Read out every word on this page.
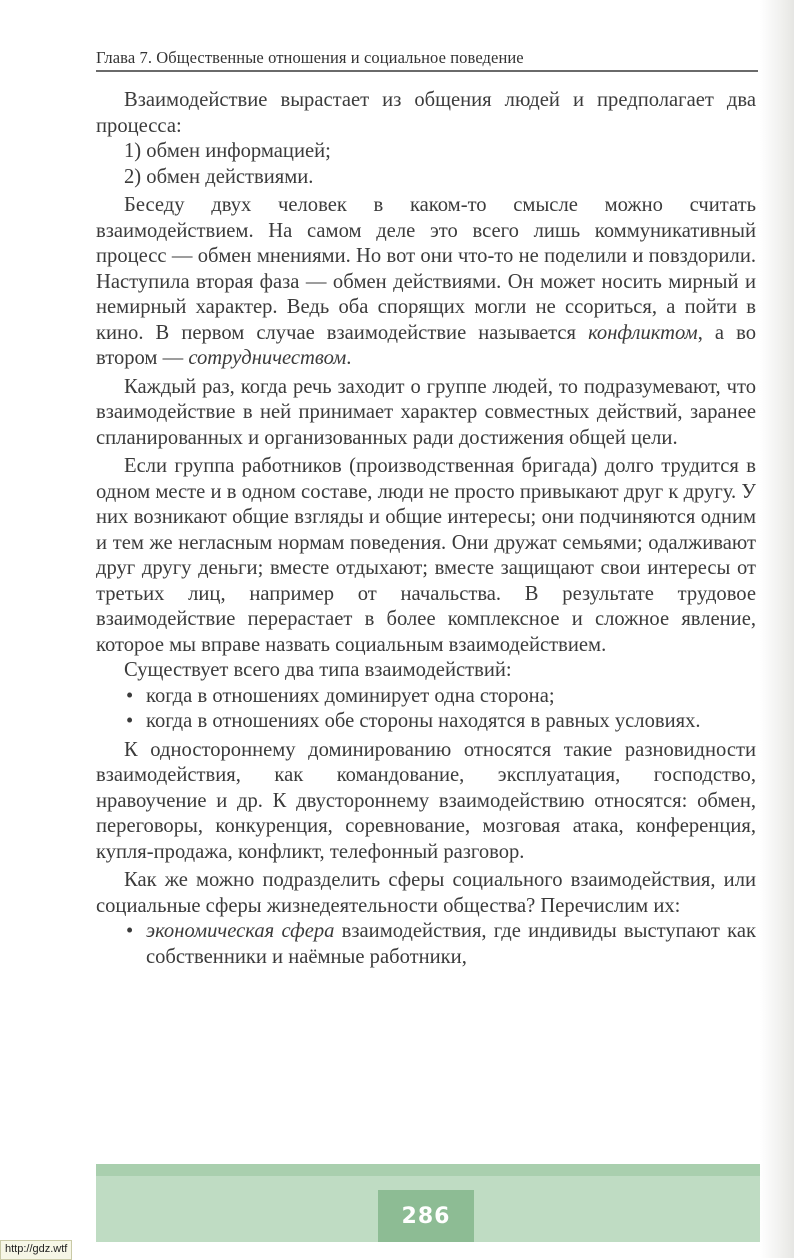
Глава 7. Общественные отношения и социальное поведение

Взаимодействие вырастает из общения людей и предполагает два процесса:

1) обмен информацией;

2) обмен действиями.

Беседу двух человек в каком-то смысле можно считать взаимодействием. На самом деле это всего лишь коммуникативный процесс — обмен мнениями. Но вот они что-то не поделили и повздорили. Наступила вторая фаза — обмен действиями. Он может носить мирный и немирный характер. Ведь оба спорящих могли не ссориться, а пойти в кино. В первом случае взаимодействие называется конфликтом, а во втором — сотрудничеством.

Каждый раз, когда речь заходит о группе людей, то подразумевают, что взаимодействие в ней принимает характер совместных действий, заранее спланированных и организованных ради достижения общей цели.

Если группа работников (производственная бригада) долго трудится в одном месте и в одном составе, люди не просто привыкают друг к другу. У них возникают общие взгляды и общие интересы; они подчиняются одним и тем же негласным нормам поведения. Они дружат семьями; одалживают друг другу деньги; вместе отдыхают; вместе защищают свои интересы от третьих лиц, например от начальства. В результате трудовое взаимодействие перерастает в более комплексное и сложное явление, которое мы вправе назвать социальным взаимодействием.

Существует всего два типа взаимодействий:

• когда в отношениях доминирует одна сторона;

• когда в отношениях обе стороны находятся в равных условиях.

К одностороннему доминированию относятся такие разновидности взаимодействия, как командование, эксплуатация, господство, нравоучение и др. К двустороннему взаимодействию относятся: обмен, переговоры, конкуренция, соревнование, мозговая атака, конференция, купля-продажа, конфликт, телефонный разговор.

Как же можно подразделить сферы социального взаимодействия, или социальные сферы жизнедеятельности общества? Перечислим их:

• экономическая сфера взаимодействия, где индивиды выступают как собственники и наёмные работники,

286
http://gdz.wtf
